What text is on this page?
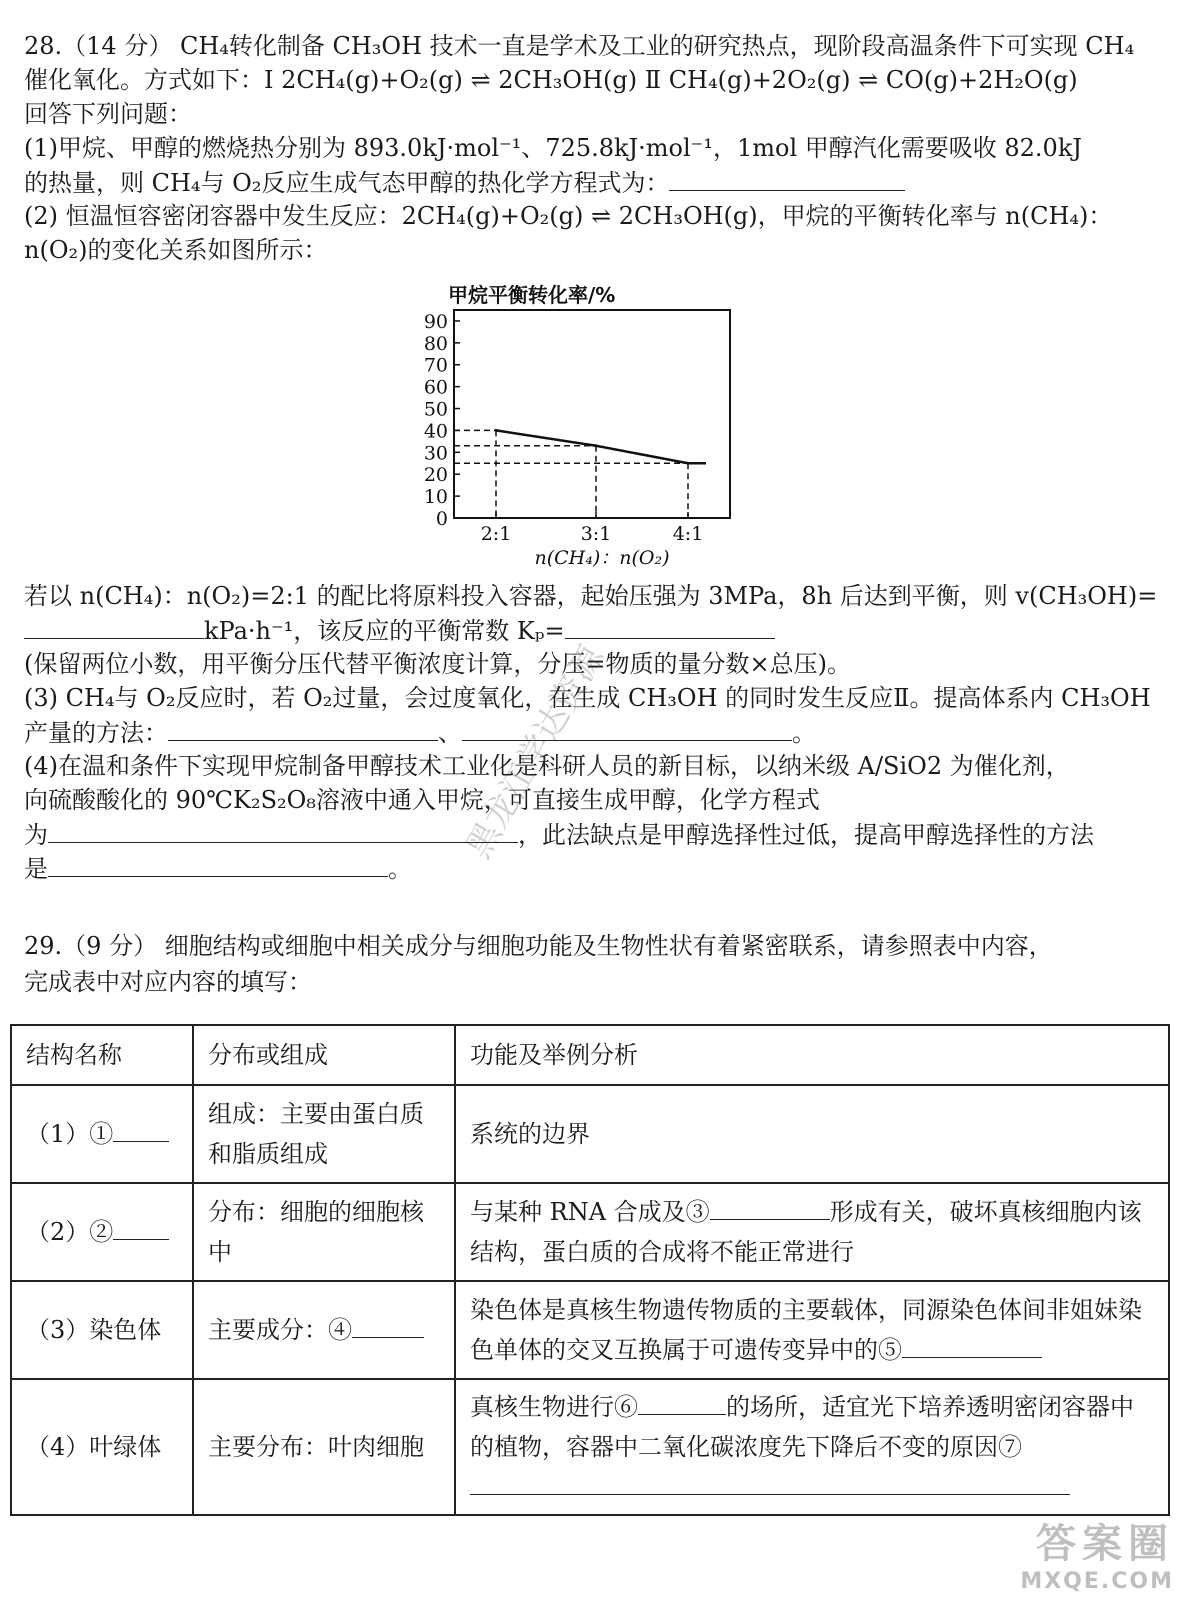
28.（14 分） CH₄转化制备 CH₃OH 技术一直是学术及工业的研究热点，现阶段高温条件下可实现 CH₄
催化氧化。方式如下：Ⅰ 2CH₄(g)+O₂(g) ⇌ 2CH₃OH(g) Ⅱ CH₄(g)+2O₂(g) ⇌ CO(g)+2H₂O(g)
回答下列问题：
(1)甲烷、甲醇的燃烧热分别为 893.0kJ·mol⁻¹、725.8kJ·mol⁻¹，1mol 甲醇汽化需要吸收 82.0kJ
的热量，则 CH₄与 O₂反应生成气态甲醇的热化学方程式为：
(2) 恒温恒容密闭容器中发生反应：2CH₄(g)+O₂(g) ⇌ 2CH₃OH(g)，甲烷的平衡转化率与 n(CH₄)：
n(O₂)的变化关系如图所示：
甲烷平衡转化率/%
0
10
20
30
40
50
60
70
80
90
2:1	3:1	4:1
n(CH₄)：n(O₂)
若以 n(CH₄)：n(O₂)=2:1 的配比将原料投入容器，起始压强为 3MPa，8h 后达到平衡，则 v(CH₃OH)=
kPa·h⁻¹，该反应的平衡常数 Kₚ=
(保留两位小数，用平衡分压代替平衡浓度计算，分压=物质的量分数×总压)。
(3) CH₄与 O₂反应时，若 O₂过量，会过度氧化，在生成 CH₃OH 的同时发生反应Ⅱ。提高体系内 CH₃OH
产量的方法：	、	。
(4)在温和条件下实现甲烷制备甲醇技术工业化是科研人员的新目标，以纳米级 A/SiO2 为催化剂，
向硫酸酸化的 90℃K₂S₂O₈溶液中通入甲烷，可直接生成甲醇，化学方程式
为	，此法缺点是甲醇选择性过低，提高甲醇选择性的方法
是	。
29.（9 分） 细胞结构或细胞中相关成分与细胞功能及生物性状有着紧密联系，请参照表中内容，
完成表中对应内容的填写：
结构名称	分布或组成	功能及举例分析
（1）①	组成：主要由蛋白质和脂质组成	系统的边界
（2）②	分布：细胞的细胞核中	与某种 RNA 合成及③ 形成有关，破坏真核细胞内该结构，蛋白质的合成将不能正常进行
（3）染色体	主要成分：④	染色体是真核生物遗传物质的主要载体，同源染色体间非姐妹染色单体的交叉互换属于可遗传变异中的⑤
（4）叶绿体	主要分布：叶肉细胞	真核生物进行⑥ 的场所，适宜光下培养透明密闭容器中的植物，容器中二氧化碳浓度先下降后不变的原因⑦
黑龙江学达资源
答案圈
MXQE.COM
